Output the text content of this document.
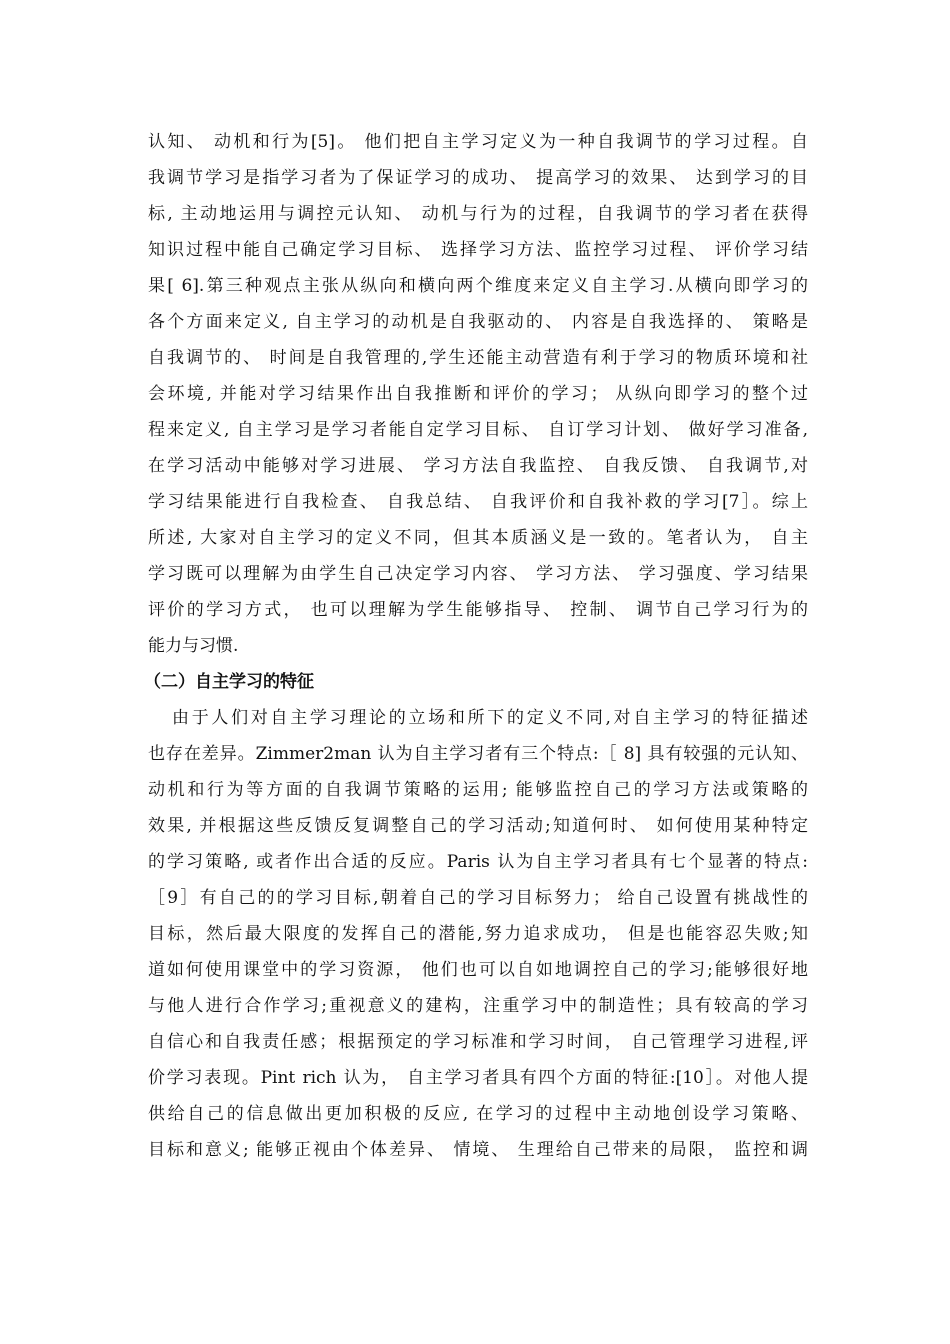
认知、 动机和行为[5]。 他们把自主学习定义为一种自我调节的学习过程。自
我调节学习是指学习者为了保证学习的成功、 提高学习的效果、 达到学习的目
标, 主动地运用与调控元认知、 动机与行为的过程，自我调节的学习者在获得
知识过程中能自己确定学习目标、 选择学习方法、监控学习过程、 评价学习结
果[ 6].第三种观点主张从纵向和横向两个维度来定义自主学习.从横向即学习的
各个方面来定义, 自主学习的动机是自我驱动的、 内容是自我选择的、 策略是
自我调节的、 时间是自我管理的,学生还能主动营造有利于学习的物质环境和社
会环境, 并能对学习结果作出自我推断和评价的学习； 从纵向即学习的整个过
程来定义, 自主学习是学习者能自定学习目标、 自订学习计划、 做好学习准备,
在学习活动中能够对学习进展、 学习方法自我监控、 自我反馈、 自我调节,对
学习结果能进行自我检查、 自我总结、 自我评价和自我补救的学习[7］。综上
所述, 大家对自主学习的定义不同，但其本质涵义是一致的。笔者认为， 自主
学习既可以理解为由学生自己决定学习内容、 学习方法、 学习强度、学习结果
评价的学习方式， 也可以理解为学生能够指导、 控制、 调节自己学习行为的
能力与习惯.
（二）自主学习的特征
由于人们对自主学习理论的立场和所下的定义不同,对自主学习的特征描述
也存在差异。Zimmer2man 认为自主学习者有三个特点:［ 8] 具有较强的元认知、
动机和行为等方面的自我调节策略的运用; 能够监控自己的学习方法或策略的
效果, 并根据这些反馈反复调整自己的学习活动;知道何时、 如何使用某种特定
的学习策略, 或者作出合适的反应。Paris 认为自主学习者具有七个显著的特点:
［9］有自己的的学习目标,朝着自己的学习目标努力； 给自己设置有挑战性的
目标，然后最大限度的发挥自己的潜能,努力追求成功， 但是也能容忍失败;知
道如何使用课堂中的学习资源， 他们也可以自如地调控自己的学习;能够很好地
与他人进行合作学习;重视意义的建构，注重学习中的制造性；具有较高的学习
自信心和自我责任感；根据预定的学习标准和学习时间， 自己管理学习进程,评
价学习表现。Pint rich 认为， 自主学习者具有四个方面的特征:[10］。对他人提
供给自己的信息做出更加积极的反应, 在学习的过程中主动地创设学习策略、
目标和意义; 能够正视由个体差异、 情境、 生理给自己带来的局限， 监控和调
